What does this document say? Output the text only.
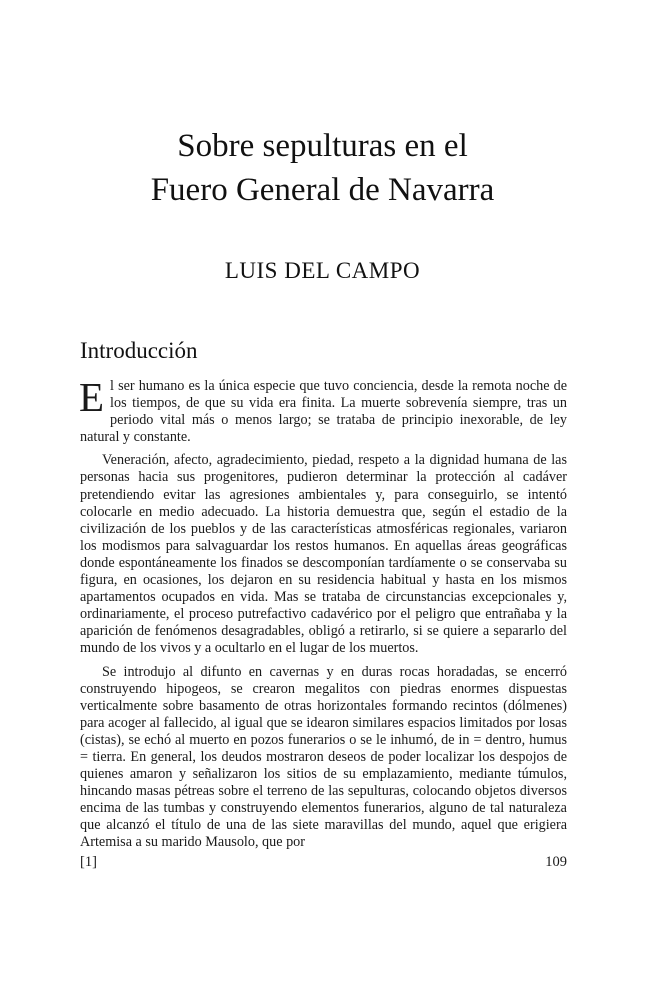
Sobre sepulturas en el
Fuero General de Navarra
LUIS DEL CAMPO
Introducción

El ser humano es la única especie que tuvo conciencia, desde la remota noche de los tiempos, de que su vida era finita. La muerte sobrevenía siempre, tras un periodo vital más o menos largo; se trataba de principio inexorable, de ley natural y constante.

Veneración, afecto, agradecimiento, piedad, respeto a la dignidad humana de las personas hacia sus progenitores, pudieron determinar la protección al cadáver pretendiendo evitar las agresiones ambientales y, para conseguirlo, se intentó colocarle en medio adecuado. La historia demuestra que, según el estadio de la civilización de los pueblos y de las características atmosféricas regionales, variaron los modismos para salvaguardar los restos humanos. En aquellas áreas geográficas donde espontáneamente los finados se descomponían tardíamente o se conservaba su figura, en ocasiones, los dejaron en su residencia habitual y hasta en los mismos apartamentos ocupados en vida. Mas se trataba de circunstancias excepcionales y, ordinariamente, el proceso putrefactivo cadavérico por el peligro que entrañaba y la aparición de fenómenos desagradables, obligó a retirarlo, si se quiere a separarlo del mundo de los vivos y a ocultarlo en el lugar de los muertos.

Se introdujo al difunto en cavernas y en duras rocas horadadas, se encerró construyendo hipogeos, se crearon megalitos con piedras enormes dispuestas verticalmente sobre basamento de otras horizontales formando recintos (dólmenes) para acoger al fallecido, al igual que se idearon similares espacios limitados por losas (cistas), se echó al muerto en pozos funerarios o se le inhumó, de in = dentro, humus = tierra. En general, los deudos mostraron deseos de poder localizar los despojos de quienes amaron y señalizaron los sitios de su emplazamiento, mediante túmulos, hincando masas pétreas sobre el terreno de las sepulturas, colocando objetos diversos encima de las tumbas y construyendo elementos funerarios, alguno de tal naturaleza que alcanzó el título de una de las siete maravillas del mundo, aquel que erigiera Artemisa a su marido Mausolo, que por

[1]	109
